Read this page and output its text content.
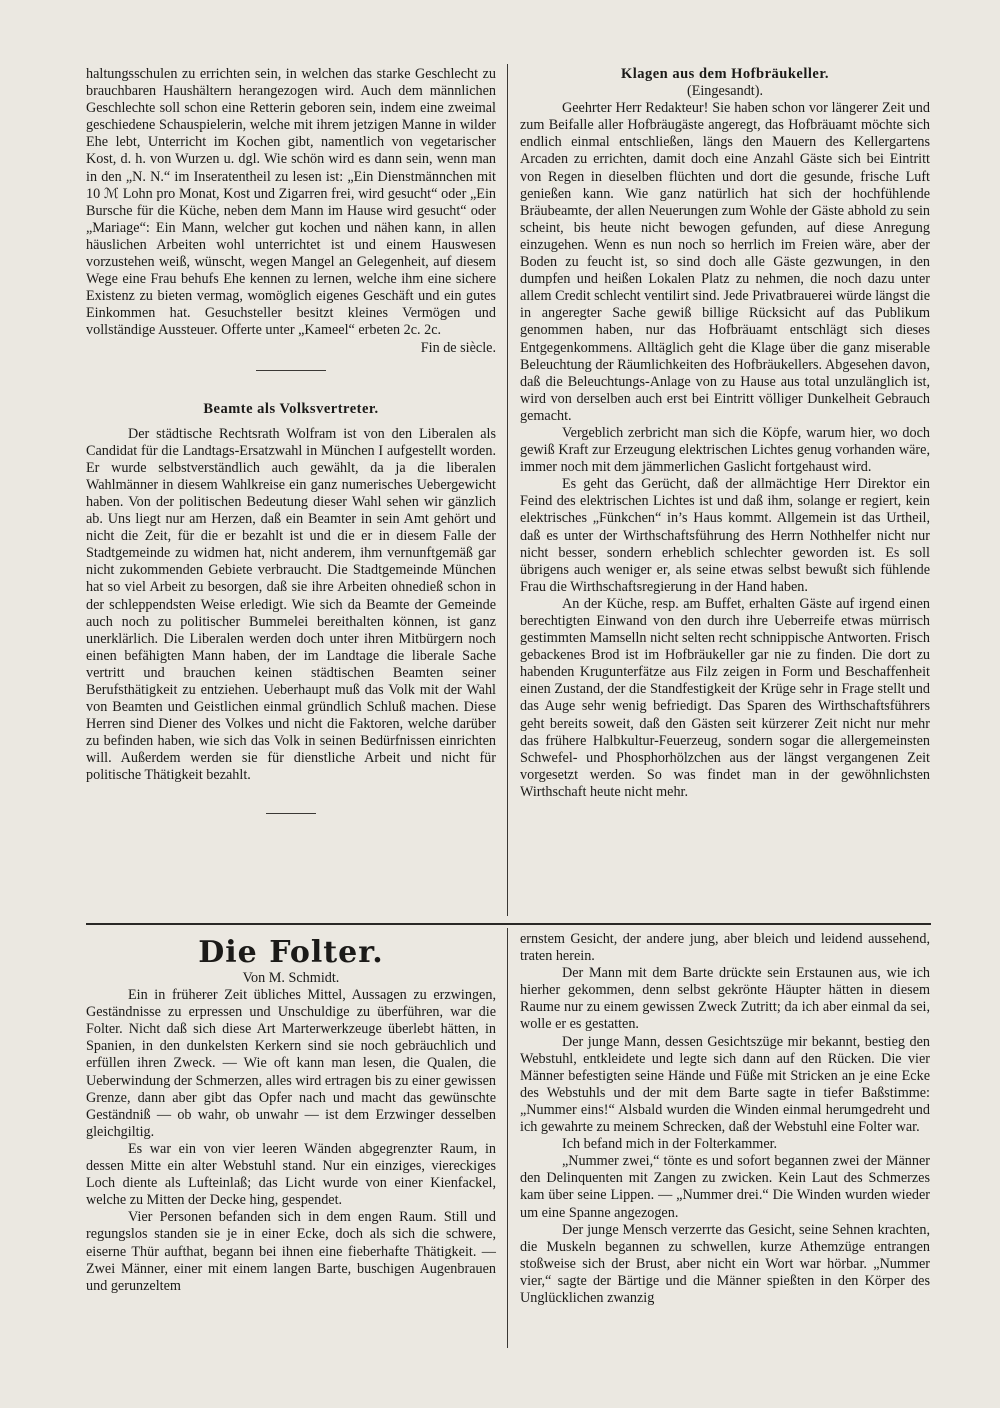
haltungsschulen zu errichten sein, in welchen das starke Geschlecht zu brauchbaren Haushältern herangezogen wird. Auch dem männlichen Geschlechte soll schon eine Retterin geboren sein, indem eine zweimal geschiedene Schauspielerin, welche mit ihrem jetzigen Manne in wilder Ehe lebt, Unterricht im Kochen gibt, namentlich von vegetarischer Kost, d. h. von Wurzen u. dgl. Wie schön wird es dann sein, wenn man in den „N. N.“ im Inseratentheil zu lesen ist: „Ein Dienstmännchen mit 10 ℳ Lohn pro Monat, Kost und Zigarren frei, wird gesucht“ oder „Ein Bursche für die Küche, neben dem Mann im Hause wird gesucht“ oder „Mariage“: Ein Mann, welcher gut kochen und nähen kann, in allen häuslichen Arbeiten wohl unterrichtet ist und einem Hauswesen vorzustehen weiß, wünscht, wegen Mangel an Gelegenheit, auf diesem Wege eine Frau behufs Ehe kennen zu lernen, welche ihm eine sichere Existenz zu bieten vermag, womöglich eigenes Geschäft und ein gutes Einkommen hat. Gesuchsteller besitzt kleines Vermögen und vollständige Aussteuer. Offerte unter „Kameel“ erbeten 2c. 2c.
Fin de siècle.

Beamte als Volksvertreter.

Der städtische Rechtsrath Wolfram ist von den Liberalen als Candidat für die Landtags-Ersatzwahl in München I aufgestellt worden. Er wurde selbstverständlich auch gewählt, da ja die liberalen Wahlmänner in diesem Wahlkreise ein ganz numerisches Uebergewicht haben. Von der politischen Bedeutung dieser Wahl sehen wir gänzlich ab. Uns liegt nur am Herzen, daß ein Beamter in sein Amt gehört und nicht die Zeit, für die er bezahlt ist und die er in diesem Falle der Stadtgemeinde zu widmen hat, nicht anderem, ihm vernunftgemäß gar nicht zukommenden Gebiete verbraucht. Die Stadtgemeinde München hat so viel Arbeit zu besorgen, daß sie ihre Arbeiten ohnedieß schon in der schleppendsten Weise erledigt. Wie sich da Beamte der Gemeinde auch noch zu politischer Bummelei bereithalten können, ist ganz unerklärlich. Die Liberalen werden doch unter ihren Mitbürgern noch einen befähigten Mann haben, der im Landtage die liberale Sache vertritt und brauchen keinen städtischen Beamten seiner Berufsthätigkeit zu entziehen. Ueberhaupt muß das Volk mit der Wahl von Beamten und Geistlichen einmal gründlich Schluß machen. Diese Herren sind Diener des Volkes und nicht die Faktoren, welche darüber zu befinden haben, wie sich das Volk in seinen Bedürfnissen einrichten will. Außerdem werden sie für dienstliche Arbeit und nicht für politische Thätigkeit bezahlt.

Klagen aus dem Hofbräukeller.

(Eingesandt).

Geehrter Herr Redakteur! Sie haben schon vor längerer Zeit und zum Beifalle aller Hofbräugäste angeregt, das Hofbräuamt möchte sich endlich einmal entschließen, längs den Mauern des Kellergartens Arcaden zu errichten, damit doch eine Anzahl Gäste sich bei Eintritt von Regen in dieselben flüchten und dort die gesunde, frische Luft genießen kann. Wie ganz natürlich hat sich der hochfühlende Bräubeamte, der allen Neuerungen zum Wohle der Gäste abhold zu sein scheint, bis heute nicht bewogen gefunden, auf diese Anregung einzugehen. Wenn es nun noch so herrlich im Freien wäre, aber der Boden zu feucht ist, so sind doch alle Gäste gezwungen, in den dumpfen und heißen Lokalen Platz zu nehmen, die noch dazu unter allem Credit schlecht ventilirt sind. Jede Privatbrauerei würde längst die in angeregter Sache gewiß billige Rücksicht auf das Publikum genommen haben, nur das Hofbräuamt entschlägt sich dieses Entgegenkommens. Alltäglich geht die Klage über die ganz miserable Beleuchtung der Räumlichkeiten des Hofbräukellers. Abgesehen davon, daß die Beleuchtungs-Anlage von zu Hause aus total unzulänglich ist, wird von derselben auch erst bei Eintritt völliger Dunkelheit Gebrauch gemacht.

Vergeblich zerbricht man sich die Köpfe, warum hier, wo doch gewiß Kraft zur Erzeugung elektrischen Lichtes genug vorhanden wäre, immer noch mit dem jämmerlichen Gaslicht fortgehaust wird.

Es geht das Gerücht, daß der allmächtige Herr Direktor ein Feind des elektrischen Lichtes ist und daß ihm, solange er regiert, kein elektrisches „Fünkchen“ in’s Haus kommt. Allgemein ist das Urtheil, daß es unter der Wirthschaftsführung des Herrn Nothhelfer nicht nur nicht besser, sondern erheblich schlechter geworden ist. Es soll übrigens auch weniger er, als seine etwas selbst bewußt sich fühlende Frau die Wirthschaftsregierung in der Hand haben.

An der Küche, resp. am Buffet, erhalten Gäste auf irgend einen berechtigten Einwand von den durch ihre Ueberreife etwas mürrisch gestimmten Mamselln nicht selten recht schnippische Antworten. Frisch gebackenes Brod ist im Hofbräukeller gar nie zu finden. Die dort zu habenden Krugunterfätze aus Filz zeigen in Form und Beschaffenheit einen Zustand, der die Standfestigkeit der Krüge sehr in Frage stellt und das Auge sehr wenig befriedigt. Das Sparen des Wirthschaftsführers geht bereits soweit, daß den Gästen seit kürzerer Zeit nicht nur mehr das frühere Halbkultur-Feuerzeug, sondern sogar die allergemeinsten Schwefel- und Phosphorhölzchen aus der längst vergangenen Zeit vorgesetzt werden. So was findet man in der gewöhnlichsten Wirthschaft heute nicht mehr.

Die Folter.

Von M. Schmidt.

Ein in früherer Zeit übliches Mittel, Aussagen zu erzwingen, Geständnisse zu erpressen und Unschuldige zu überführen, war die Folter. Nicht daß sich diese Art Marterwerkzeuge überlebt hätten, in Spanien, in den dunkelsten Kerkern sind sie noch gebräuchlich und erfüllen ihren Zweck. — Wie oft kann man lesen, die Qualen, die Ueberwindung der Schmerzen, alles wird ertragen bis zu einer gewissen Grenze, dann aber gibt das Opfer nach und macht das gewünschte Geständniß — ob wahr, ob unwahr — ist dem Erzwinger desselben gleichgiltig.

Es war ein von vier leeren Wänden abgegrenzter Raum, in dessen Mitte ein alter Webstuhl stand. Nur ein einziges, viereckiges Loch diente als Lufteinlaß; das Licht wurde von einer Kienfackel, welche zu Mitten der Decke hing, gespendet.

Vier Personen befanden sich in dem engen Raum. Still und regungslos standen sie je in einer Ecke, doch als sich die schwere, eiserne Thür aufthat, begann bei ihnen eine fieberhafte Thätigkeit. — Zwei Männer, einer mit einem langen Barte, buschigen Augenbrauen und gerunzeltem

ernstem Gesicht, der andere jung, aber bleich und leidend aussehend, traten herein.

Der Mann mit dem Barte drückte sein Erstaunen aus, wie ich hierher gekommen, denn selbst gekrönte Häupter hätten in diesem Raume nur zu einem gewissen Zweck Zutritt; da ich aber einmal da sei, wolle er es gestatten.

Der junge Mann, dessen Gesichtszüge mir bekannt, bestieg den Webstuhl, entkleidete und legte sich dann auf den Rücken. Die vier Männer befestigten seine Hände und Füße mit Stricken an je eine Ecke des Webstuhls und der mit dem Barte sagte in tiefer Baßstimme: „Nummer eins!“ Alsbald wurden die Winden einmal herumgedreht und ich gewahrte zu meinem Schrecken, daß der Webstuhl eine Folter war.

Ich befand mich in der Folterkammer.

„Nummer zwei,“ tönte es und sofort begannen zwei der Männer den Delinquenten mit Zangen zu zwicken. Kein Laut des Schmerzes kam über seine Lippen. — „Nummer drei.“ Die Winden wurden wieder um eine Spanne angezogen.

Der junge Mensch verzerrte das Gesicht, seine Sehnen krachten, die Muskeln begannen zu schwellen, kurze Athemzüge entrangen stoßweise sich der Brust, aber nicht ein Wort war hörbar. „Nummer vier,“ sagte der Bärtige und die Männer spießten in den Körper des Unglücklichen zwanzig
